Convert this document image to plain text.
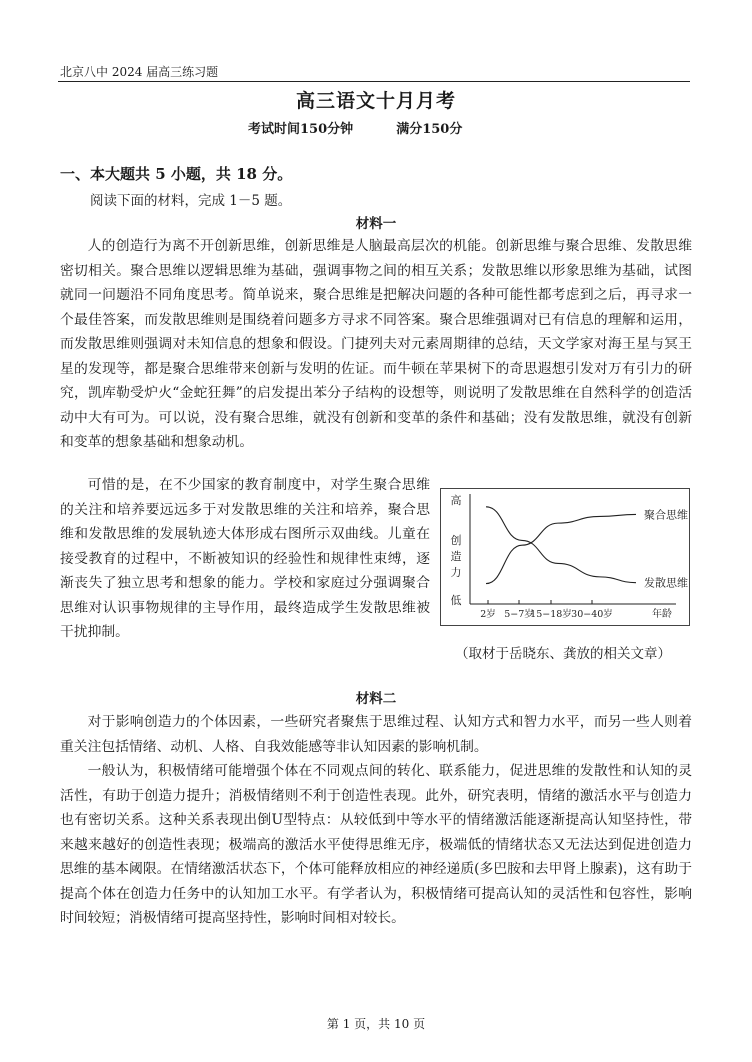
北京八中 2024 届高三练习题
高三语文十月月考
考试时间150分钟	满分150分
一、本大题共 5 小题，共 18 分。
阅读下面的材料，完成 1－5 题。
材料一

人的创造行为离不开创新思维，创新思维是人脑最高层次的机能。创新思维与聚合思维、发散思维密切相关。聚合思维以逻辑思维为基础，强调事物之间的相互关系；发散思维以形象思维为基础，试图就同一问题沿不同角度思考。简单说来，聚合思维是把解决问题的各种可能性都考虑到之后，再寻求一个最佳答案，而发散思维则是围绕着问题多方寻求不同答案。聚合思维强调对已有信息的理解和运用，而发散思维则强调对未知信息的想象和假设。门捷列夫对元素周期律的总结，天文学家对海王星与冥王星的发现等，都是聚合思维带来创新与发明的佐证。而牛顿在苹果树下的奇思遐想引发对万有引力的研究，凯库勒受炉火“金蛇狂舞”的启发提出苯分子结构的设想等，则说明了发散思维在自然科学的创造活动中大有可为。可以说，没有聚合思维，就没有创新和变革的条件和基础；没有发散思维，就没有创新和变革的想象基础和想象动机。

可惜的是，在不少国家的教育制度中，对学生聚合思维的关注和培养要远远多于对发散思维的关注和培养，聚合思维和发散思维的发展轨迹大体形成右图所示双曲线。儿童在接受教育的过程中，不断被知识的经验性和规律性束缚，逐渐丧失了独立思考和想象的能力。学校和家庭过分强调聚合思维对认识事物规律的主导作用，最终造成学生发散思维被干扰抑制。

高
低
创
造
力
2岁 5−7岁
15−18岁 30−40岁	年龄
聚合思维
发散思维
（取材于岳晓东、龚放的相关文章）
材料二

对于影响创造力的个体因素，一些研究者聚焦于思维过程、认知方式和智力水平，而另一些人则着重关注包括情绪、动机、人格、自我效能感等非认知因素的影响机制。

一般认为，积极情绪可能增强个体在不同观点间的转化、联系能力，促进思维的发散性和认知的灵活性，有助于创造力提升；消极情绪则不利于创造性表现。此外，研究表明，情绪的激活水平与创造力也有密切关系。这种关系表现出倒U型特点：从较低到中等水平的情绪激活能逐渐提高认知坚持性，带来越来越好的创造性表现；极端高的激活水平使得思维无序，极端低的情绪状态又无法达到促进创造力思维的基本阈限。在情绪激活状态下，个体可能释放相应的神经递质(多巴胺和去甲肾上腺素)，这有助于提高个体在创造力任务中的认知加工水平。有学者认为，积极情绪可提高认知的灵活性和包容性，影响时间较短；消极情绪可提高坚持性，影响时间相对较长。

第 1 页，共 10 页
